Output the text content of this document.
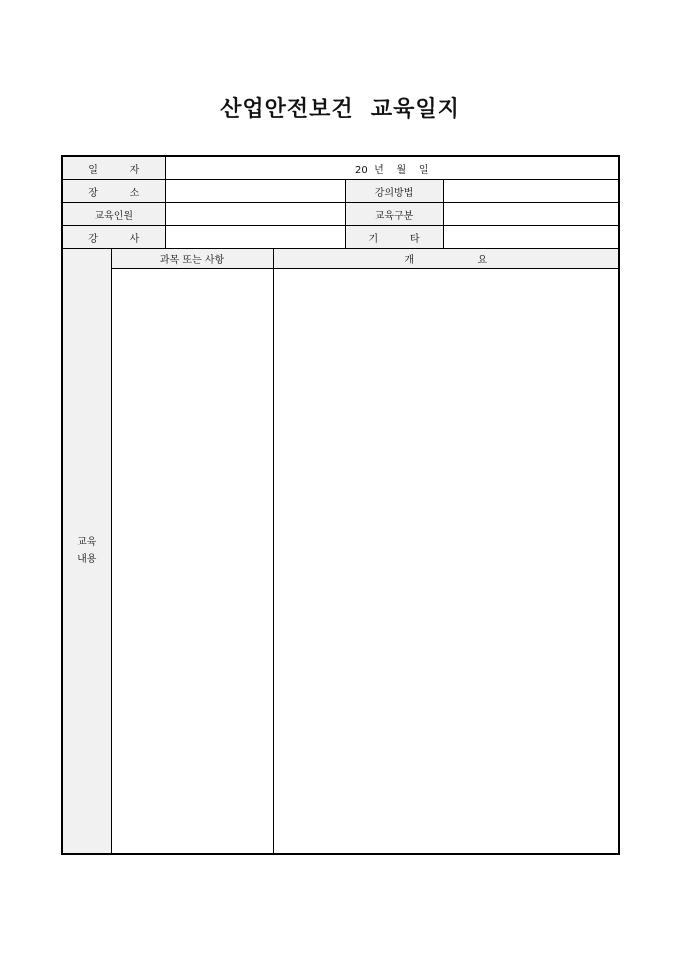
산업안전보건  교육일지
일          자		20  년    월    일			
장          소				강의방법	
교육인원				교육구분	
강          사				기          타	

교육
내용	과목 또는 사항		개                    요		
